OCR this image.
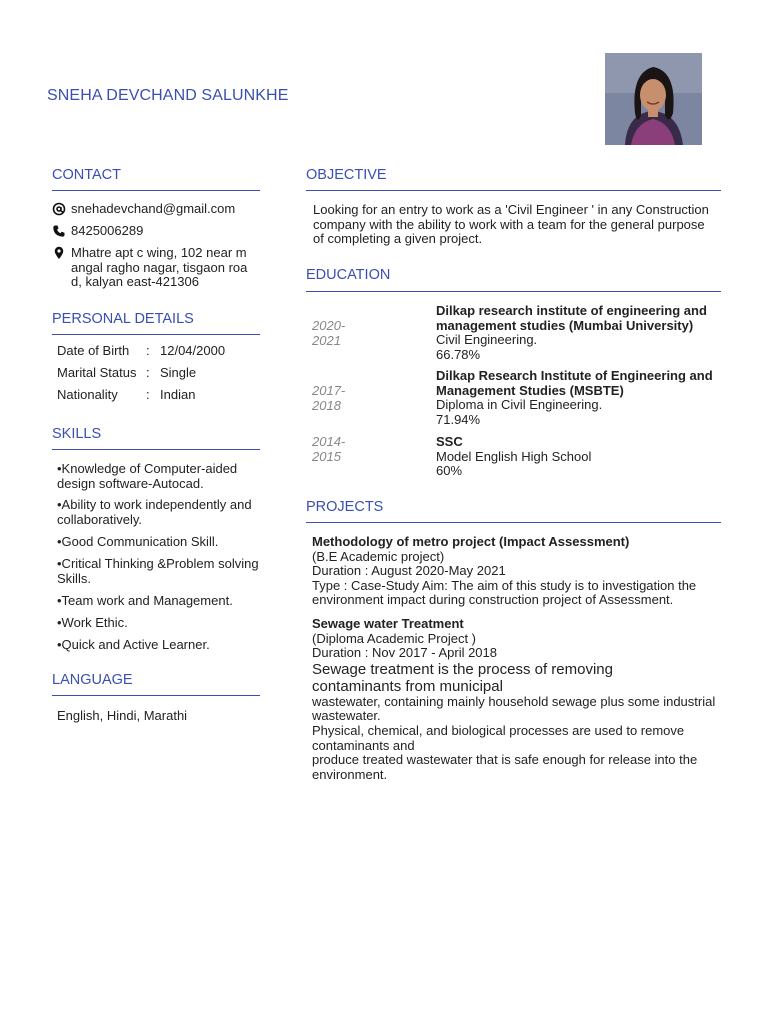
SNEHA DEVCHAND SALUNKHE
CONTACT
snehadevchand@gmail.com
8425006289
Mhatre apt c wing, 102 near m
angal ragho nagar, tisgaon roa
d, kalyan east-421306
PERSONAL DETAILS
Date of Birth : 12/04/2000
Marital Status : Single
Nationality : Indian
SKILLS
•Knowledge of Computer-aided design software-Autocad.
•Ability to work independently and collaboratively.
•Good Communication Skill.
•Critical Thinking &Problem solving Skills.
•Team work and Management.
•Work Ethic.
•Quick and Active Learner.
LANGUAGE
English, Hindi, Marathi
OBJECTIVE
Looking for an entry to work as a 'Civil Engineer ' in any Construction company with the ability to work with a team for the general purpose of completing a given project.
EDUCATION
2020-
2021
Dilkap research institute of engineering and management studies (Mumbai University)
Civil Engineering.
66.78%
2017-
2018
Dilkap Research Institute of Engineering and Management Studies (MSBTE)
Diploma in Civil Engineering.
71.94%
2014-
2015
SSC
Model English High School
60%
PROJECTS
Methodology of metro project (Impact Assessment)
(B.E Academic project)
Duration : August 2020-May 2021
Type : Case-Study Aim: The aim of this study is to investigation the environment impact during construction project of Assessment.
Sewage water Treatment
(Diploma Academic Project )
Duration : Nov 2017 - April 2018
Sewage treatment is the process of removing contaminants from municipal
wastewater, containing mainly household sewage plus some industrial wastewater.
Physical, chemical, and biological processes are used to remove contaminants and
produce treated wastewater that is safe enough for release into the environment.
